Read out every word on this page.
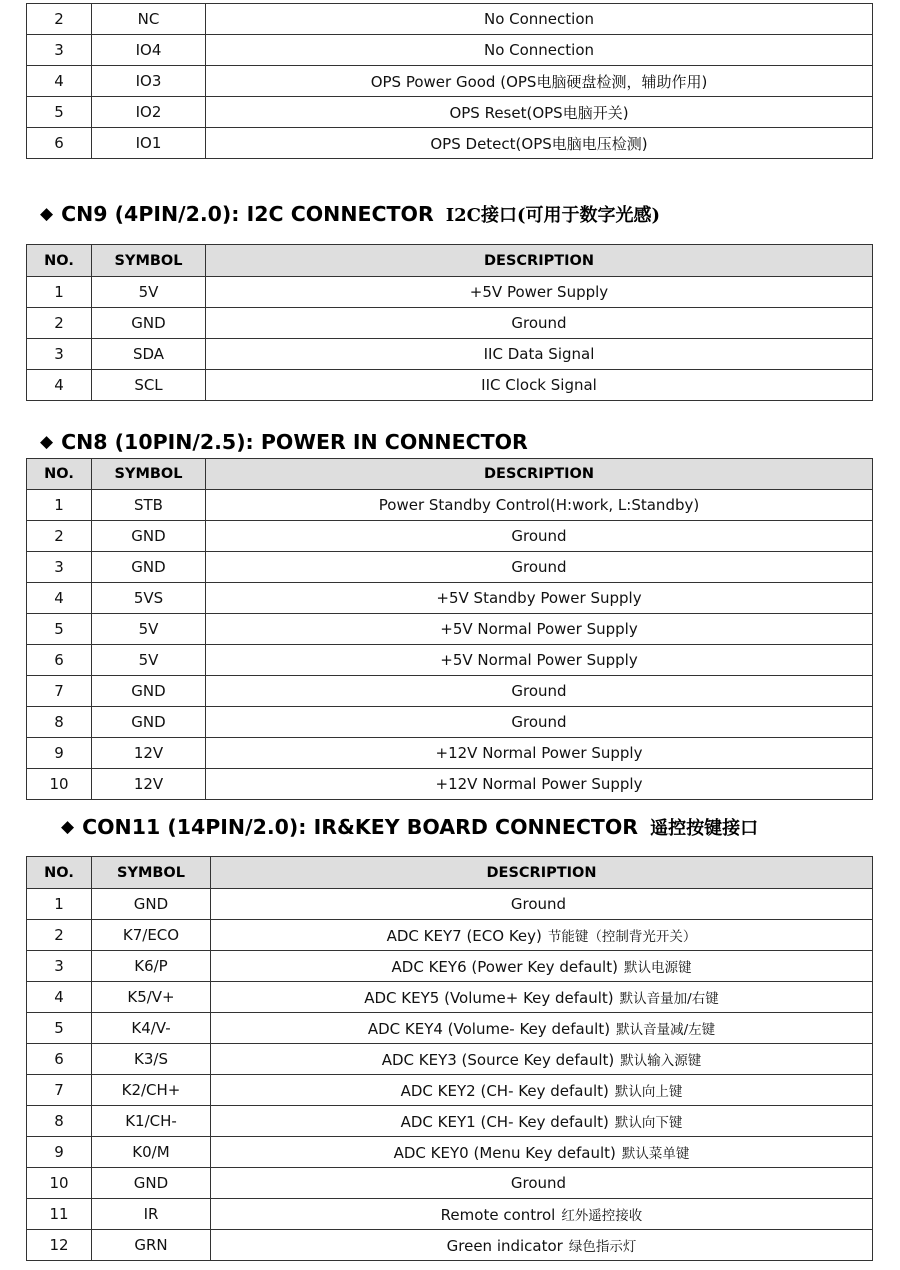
2	NC	No Connection
3	IO4	No Connection
4	IO3	OPS Power Good (OPS电脑硬盘检测，辅助作用)
5	IO2	OPS Reset(OPS电脑开关)
6	IO1	OPS Detect(OPS电脑电压检测)
◆ CN9 (4PIN/2.0): I2C CONNECTOR I2C接口(可用于数字光感)
NO.	SYMBOL	DESCRIPTION
1	5V	+5V Power Supply
2	GND	Ground
3	SDA	IIC Data Signal
4	SCL	IIC Clock Signal
◆ CN8 (10PIN/2.5): POWER IN CONNECTOR
NO.	SYMBOL	DESCRIPTION
1	STB	Power Standby Control(H:work, L:Standby)
2	GND	Ground
3	GND	Ground
4	5VS	+5V Standby Power Supply
5	5V	+5V Normal Power Supply
6	5V	+5V Normal Power Supply
7	GND	Ground
8	GND	Ground
9	12V	+12V Normal Power Supply
10	12V	+12V Normal Power Supply
◆ CON11 (14PIN/2.0): IR&KEY BOARD CONNECTOR 遥控按键接口
NO.	SYMBOL	DESCRIPTION
1	GND	Ground
2	K7/ECO	ADC KEY7 (ECO Key) 节能键（控制背光开关）
3	K6/P	ADC KEY6 (Power Key default) 默认电源键
4	K5/V+	ADC KEY5 (Volume+ Key default) 默认音量加/右键
5	K4/V-	ADC KEY4 (Volume- Key default) 默认音量减/左键
6	K3/S	ADC KEY3 (Source Key default) 默认输入源键
7	K2/CH+	ADC KEY2 (CH- Key default) 默认向上键
8	K1/CH-	ADC KEY1 (CH- Key default) 默认向下键
9	K0/M	ADC KEY0 (Menu Key default) 默认菜单键
10	GND	Ground
11	IR	Remote control 红外遥控接收
12	GRN	Green indicator 绿色指示灯
